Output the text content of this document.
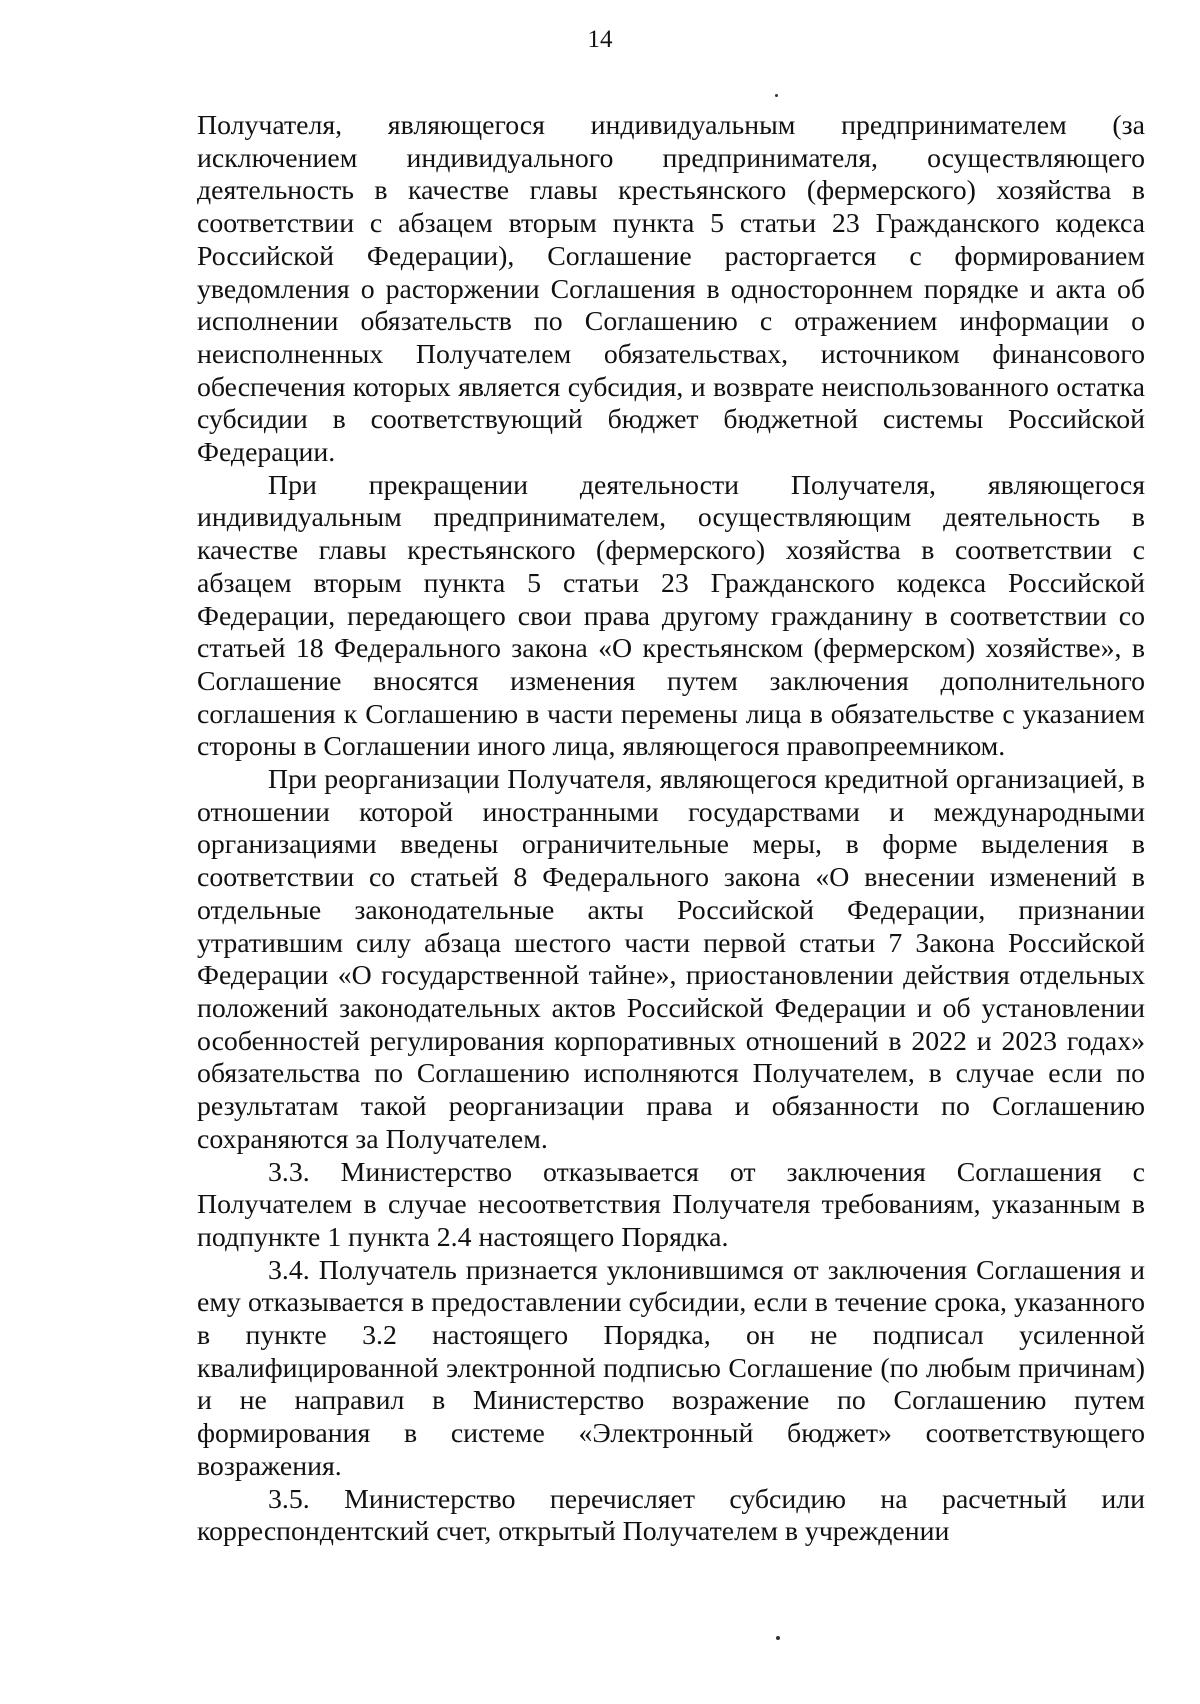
14

Получателя, являющегося индивидуальным предпринимателем (за исключением индивидуального предпринимателя, осуществляющего деятельность в качестве главы крестьянского (фермерского) хозяйства в соответствии с абзацем вторым пункта 5 статьи 23 Гражданского кодекса Российской Федерации), Соглашение расторгается с формированием уведомления о расторжении Соглашения в одностороннем порядке и акта об исполнении обязательств по Соглашению с отражением информации о неисполненных Получателем обязательствах, источником финансового обеспечения которых является субсидия, и возврате неиспользованного остатка субсидии в соответствующий бюджет бюджетной системы Российской Федерации.

При прекращении деятельности Получателя, являющегося индивидуальным предпринимателем, осуществляющим деятельность в качестве главы крестьянского (фермерского) хозяйства в соответствии с абзацем вторым пункта 5 статьи 23 Гражданского кодекса Российской Федерации, передающего свои права другому гражданину в соответствии со статьей 18 Федерального закона «О крестьянском (фермерском) хозяйстве», в Соглашение вносятся изменения путем заключения дополнительного соглашения к Соглашению в части перемены лица в обязательстве с указанием стороны в Соглашении иного лица, являющегося правопреемником.

При реорганизации Получателя, являющегося кредитной организацией, в отношении которой иностранными государствами и международными организациями введены ограничительные меры, в форме выделения в соответствии со статьей 8 Федерального закона «О внесении изменений в отдельные законодательные акты Российской Федерации, признании утратившим силу абзаца шестого части первой статьи 7 Закона Российской Федерации «О государственной тайне», приостановлении действия отдельных положений законодательных актов Российской Федерации и об установлении особенностей регулирования корпоративных отношений в 2022 и 2023 годах» обязательства по Соглашению исполняются Получателем, в случае если по результатам такой реорганизации права и обязанности по Соглашению сохраняются за Получателем.

3.3. Министерство отказывается от заключения Соглашения с Получателем в случае несоответствия Получателя требованиям, указанным в подпункте 1 пункта 2.4 настоящего Порядка.

3.4. Получатель признается уклонившимся от заключения Соглашения и ему отказывается в предоставлении субсидии, если в течение срока, указанного в пункте 3.2 настоящего Порядка, он не подписал усиленной квалифицированной электронной подписью Соглашение (по любым причинам) и не направил в Министерство возражение по Соглашению путем формирования в системе «Электронный бюджет» соответствующего возражения.

3.5. Министерство перечисляет субсидию на расчетный или корреспондентский счет, открытый Получателем в учреждении
